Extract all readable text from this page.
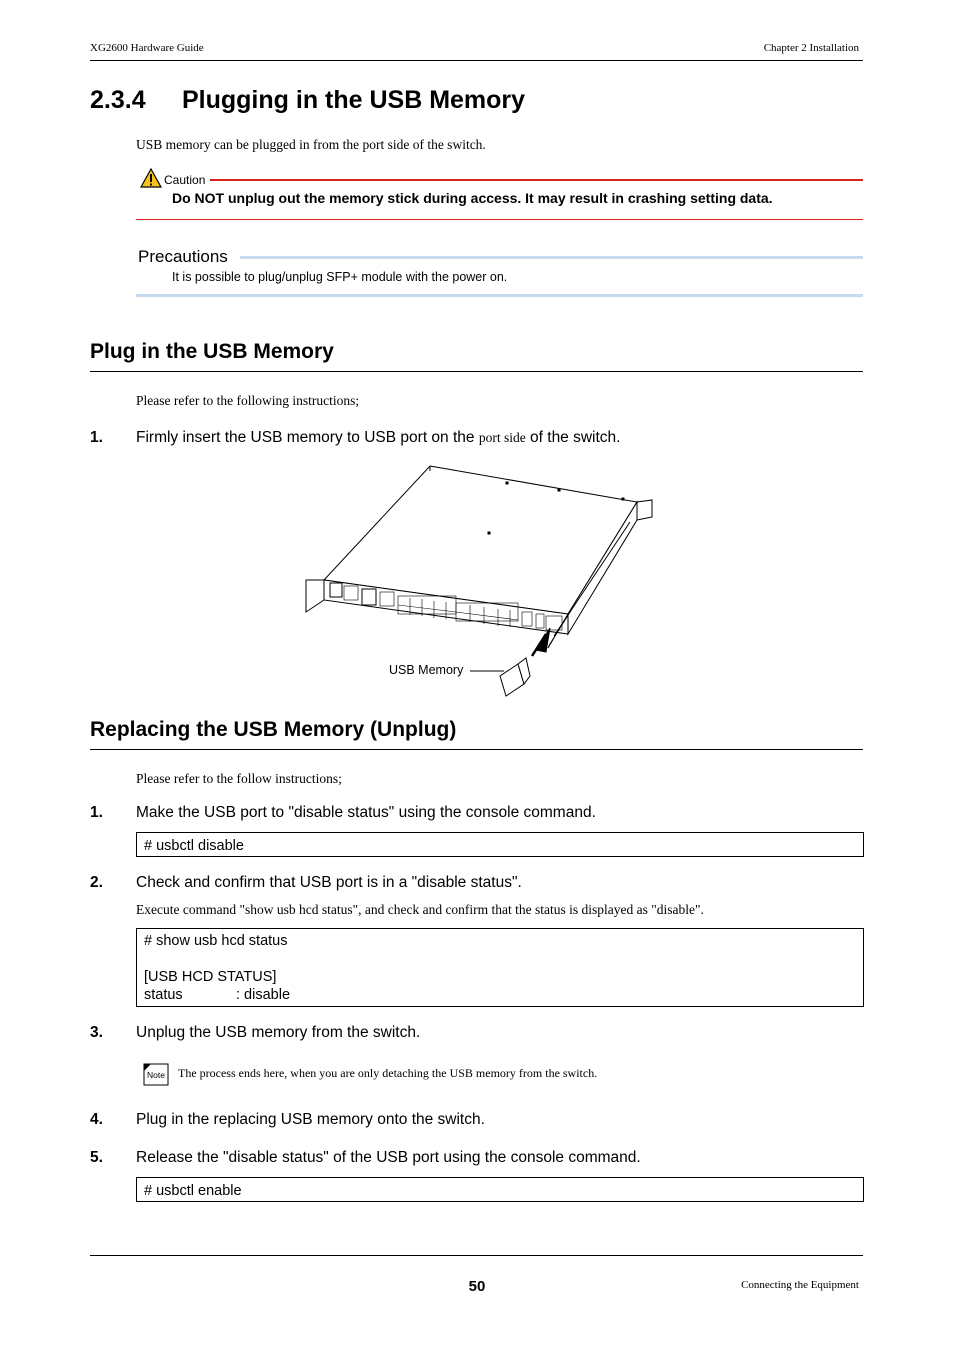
XG2600 Hardware Guide	Chapter 2 Installation
2.3.4 Plugging in the USB Memory
USB memory can be plugged in from the port side of the switch.
Caution
Do NOT unplug out the memory stick during access. It may result in crashing setting data.
Precautions
It is possible to plug/unplug SFP+ module with the power on.
Plug in the USB Memory
Please refer to the following instructions;
1. Firmly insert the USB memory to USB port on the port side of the switch.
USB Memory
Replacing the USB Memory (Unplug)
Please refer to the follow instructions;
1. Make the USB port to "disable status" using the console command.
# usbctl disable
2. Check and confirm that USB port is in a "disable status".
Execute command "show usb hcd status", and check and confirm that the status is displayed as "disable".
# show usb hcd status
[USB HCD STATUS]
status	: disable
3. Unplug the USB memory from the switch.
Note The process ends here, when you are only detaching the USB memory from the switch.
4. Plug in the replacing USB memory onto the switch.
5. Release the "disable status" of the USB port using the console command.
# usbctl enable
50	Connecting the Equipment
